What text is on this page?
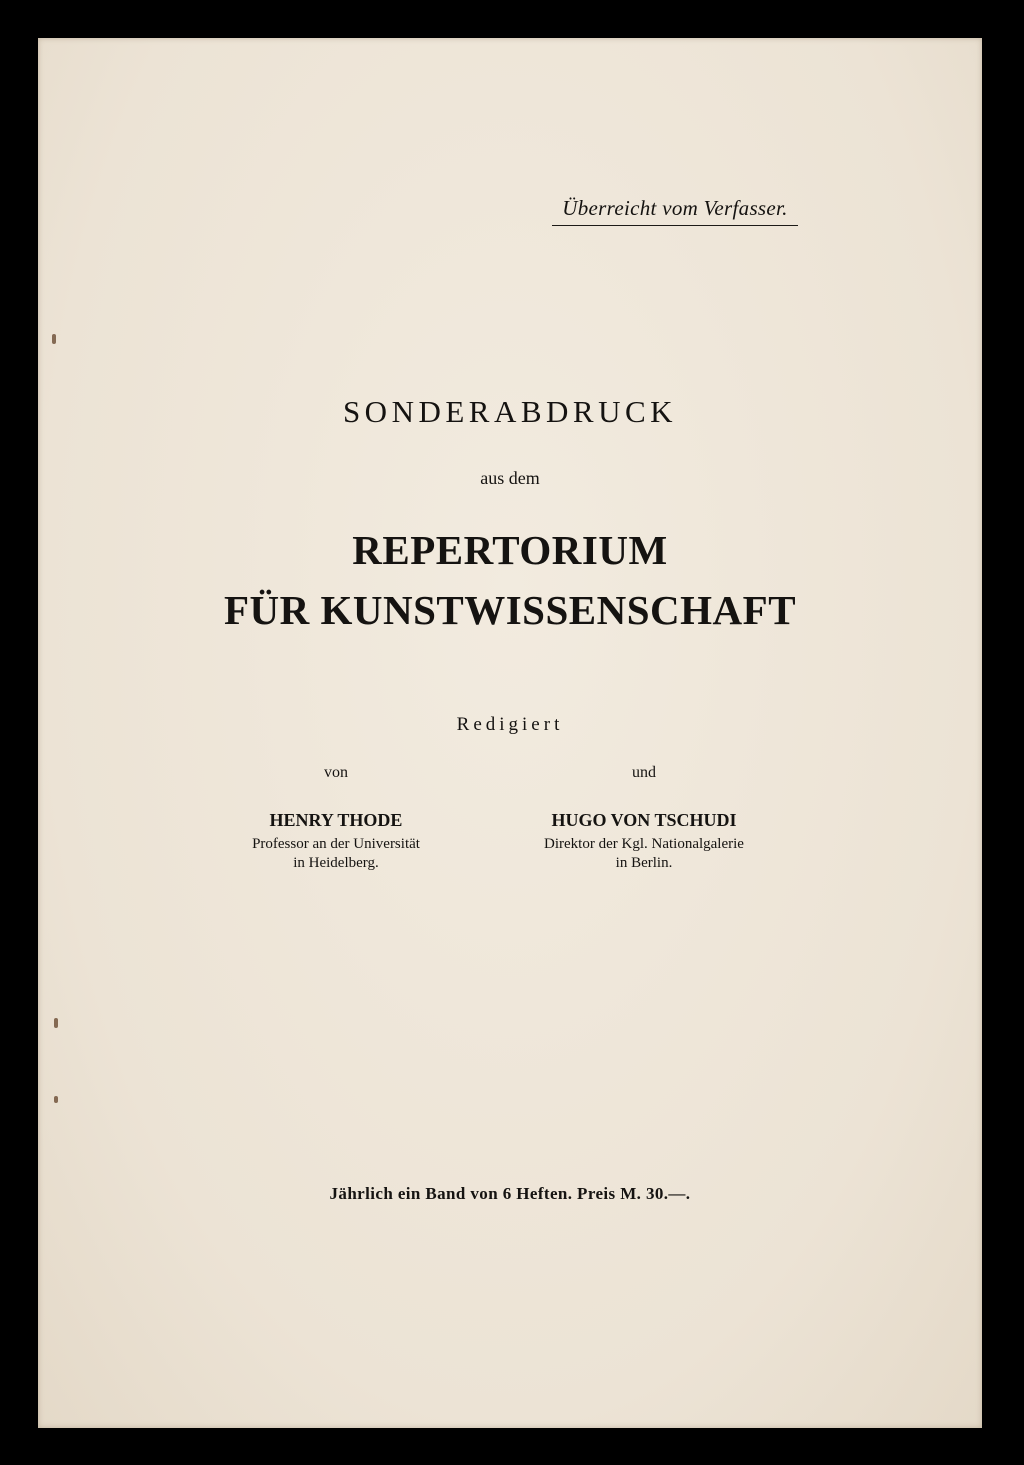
Überreicht vom Verfasser.
SONDERABDRUCK
aus dem
REPERTORIUM
FÜR KUNSTWISSENSCHAFT
Redigiert
von
HENRY THODE
Professor an der Universität
in Heidelberg.
und
HUGO VON TSCHUDI
Direktor der Kgl. Nationalgalerie
in Berlin.
Jährlich ein Band von 6 Heften. Preis M. 30.—.
